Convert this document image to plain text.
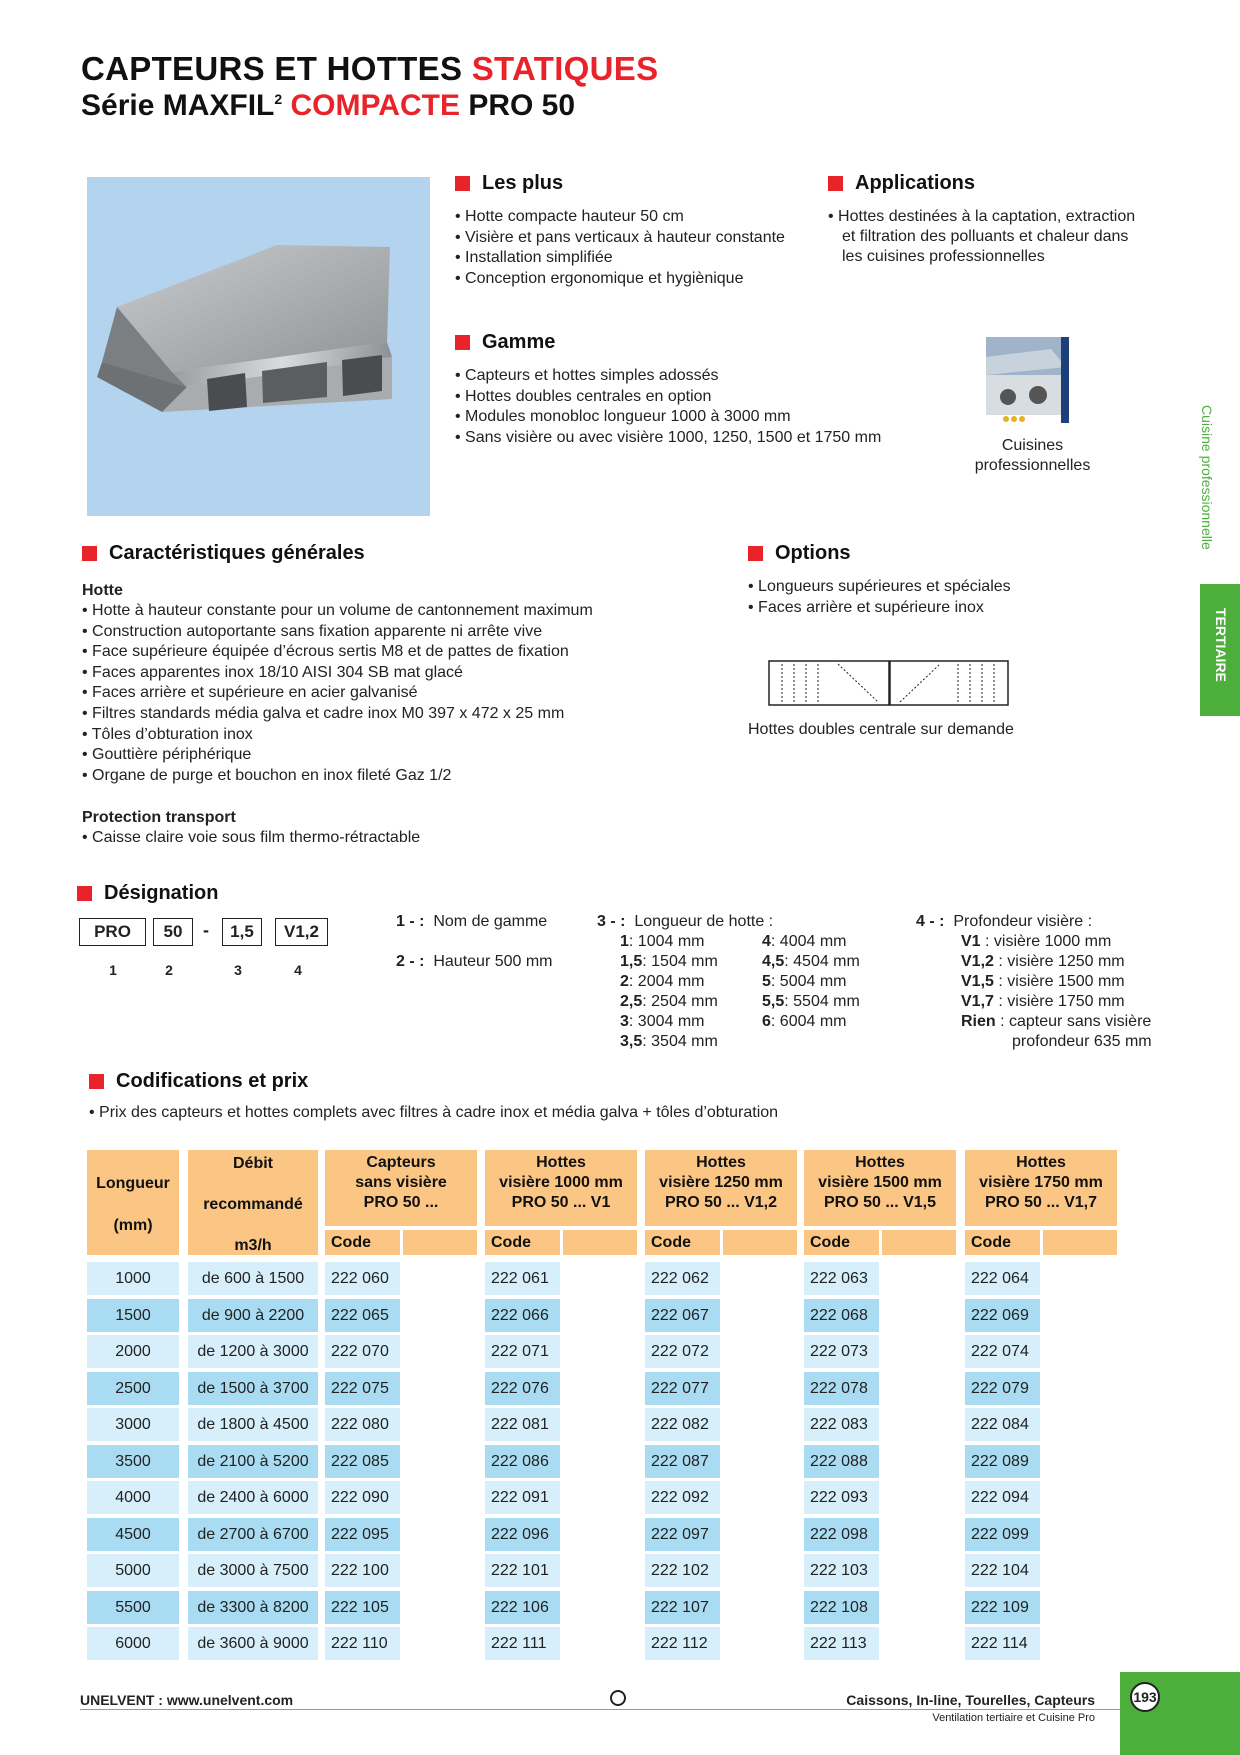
CAPTEURS ET HOTTES STATIQUES
Série MAXFIL$^2$ COMPACTE PRO 50
Cuisine professionnelle
TERTIAIRE
Les plus
• Hotte compacte hauteur 50 cm
• Visière et pans verticaux à hauteur constante
• Installation simplifiée
• Conception ergonomique et hygiènique
Applications
• Hottes destinées à la captation, extraction
et filtration des polluants et chaleur dans
les cuisines professionnelles
Gamme
• Capteurs et hottes simples adossés
• Hottes doubles centrales en option
• Modules monobloc longueur 1000 à 3000 mm
• Sans visière ou avec visière 1000, 1250, 1500 et 1750 mm	Cuisines
professionnelles
Caractéristiques générales
Hotte
• Hotte à hauteur constante pour un volume de cantonnement maximum
• Construction autoportante sans fixation apparente ni arrête vive
• Face supérieure équipée d’écrous sertis M8 et de pattes de fixation
• Faces apparentes inox 18/10 AISI 304 SB mat glacé
• Faces arrière et supérieure en acier galvanisé
• Filtres standards média galva et cadre inox M0 397 x 472 x 25 mm
• Tôles d’obturation inox
• Gouttière périphérique
• Organe de purge et bouchon en inox fileté Gaz 1/2
Protection transport
• Caisse claire voie sous film thermo-rétractable
Options
• Longueurs supérieures et spéciales
• Faces arrière et supérieure inox
Hottes doubles centrale sur demande
Désignation
PRO	50	-	1,5	V1,2
1	2	3	4
1 - : Nom de gamme
2 - : Hauteur 500 mm
3 - : Longueur de hotte :
1: 1004 mm
1,5: 1504 mm
2: 2004 mm
2,5: 2504 mm
3: 3004 mm
3,5: 3504 mm
4: 4004 mm
4,5: 4504 mm
5: 5004 mm
5,5: 5504 mm
6: 6004 mm
4 - : Profondeur visière :
V1 : visière 1000 mm
V1,2 : visière 1250 mm
V1,5 : visière 1500 mm
V1,7 : visière 1750 mm
Rien : capteur sans visière
profondeur 635 mm
Codifications et prix
• Prix des capteurs et hottes complets avec filtres à cadre inox et média galva + tôles d’obturation
Longueur
(mm)
Débit
recommandé
m3/h
Capteurs
sans visière
PRO 50 ...
Code
Hottes
visière 1000 mm
PRO 50 ... V1
Code
Hottes
visière 1250 mm
PRO 50 ... V1,2
Code
Hottes
visière 1500 mm
PRO 50 ... V1,5
Code
Hottes
visière 1750 mm
PRO 50 ... V1,7
Code
1000	de 600 à 1500	222 060	222 061	222 062	222 063	222 064
1500	de 900 à 2200	222 065	222 066	222 067	222 068	222 069
2000	de 1200 à 3000	222 070	222 071	222 072	222 073	222 074
2500	de 1500 à 3700	222 075	222 076	222 077	222 078	222 079
3000	de 1800 à 4500	222 080	222 081	222 082	222 083	222 084
3500	de 2100 à 5200	222 085	222 086	222 087	222 088	222 089
4000	de 2400 à 6000	222 090	222 091	222 092	222 093	222 094
4500	de 2700 à 6700	222 095	222 096	222 097	222 098	222 099
5000	de 3000 à 7500	222 100	222 101	222 102	222 103	222 104
5500	de 3300 à 8200	222 105	222 106	222 107	222 108	222 109
6000	de 3600 à 9000	222 110	222 111	222 112	222 113	222 114
UNELVENT : www.unelvent.com	Caissons, In-line, Tourelles, Capteurs
Ventilation tertiaire et Cuisine Pro
193
